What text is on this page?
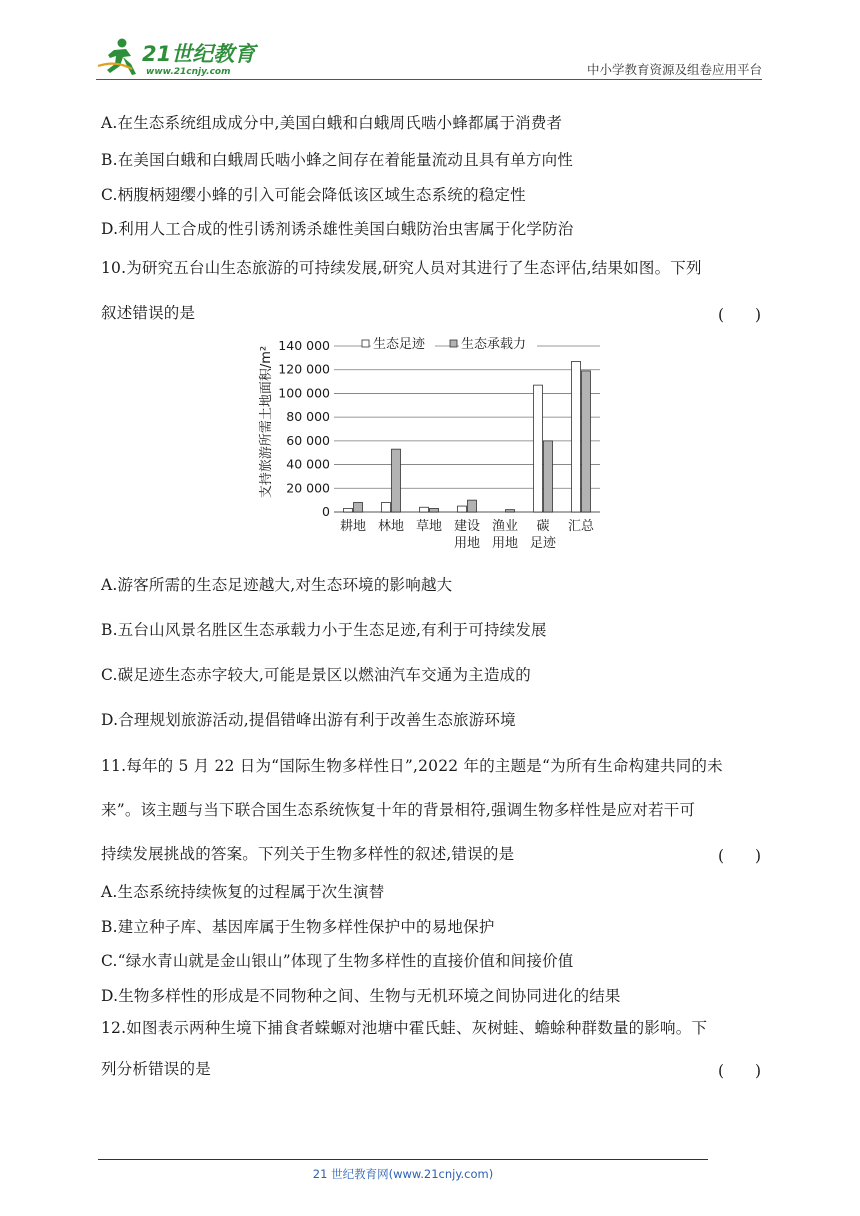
21世纪教育
www.21cnjy.com	中小学教育资源及组卷应用平台
A.在生态系统组成成分中,美国白蛾和白蛾周氏啮小蜂都属于消费者
B.在美国白蛾和白蛾周氏啮小蜂之间存在着能量流动且具有单方向性
C.柄腹柄翅缨小蜂的引入可能会降低该区域生态系统的稳定性
D.利用人工合成的性引诱剂诱杀雄性美国白蛾防治虫害属于化学防治
10.为研究五台山生态旅游的可持续发展,研究人员对其进行了生态评估,结果如图。下列
叙述错误的是	(　　)
0
20 000
40 000
60 000
80 000
100 000
120 000
140 000
耕地 林地 草地 建设
用地
渔业
用地
碳
足迹
汇总
生态足迹	生态承载力
支持旅游所需土地面积/m²
A.游客所需的生态足迹越大,对生态环境的影响越大
B.五台山风景名胜区生态承载力小于生态足迹,有利于可持续发展
C.碳足迹生态赤字较大,可能是景区以燃油汽车交通为主造成的
D.合理规划旅游活动,提倡错峰出游有利于改善生态旅游环境
11.每年的 5 月 22 日为“国际生物多样性日”,2022 年的主题是“为所有生命构建共同的未
来”。该主题与当下联合国生态系统恢复十年的背景相符,强调生物多样性是应对若干可
持续发展挑战的答案。下列关于生物多样性的叙述,错误的是	(　　)
A.生态系统持续恢复的过程属于次生演替
B.建立种子库、基因库属于生物多样性保护中的易地保护
C.“绿水青山就是金山银山”体现了生物多样性的直接价值和间接价值
D.生物多样性的形成是不同物种之间、生物与无机环境之间协同进化的结果
12.如图表示两种生境下捕食者蝾螈对池塘中霍氏蛙、灰树蛙、蟾蜍种群数量的影响。下
列分析错误的是	(　　)
21 世纪教育网(www.21cnjy.com)
